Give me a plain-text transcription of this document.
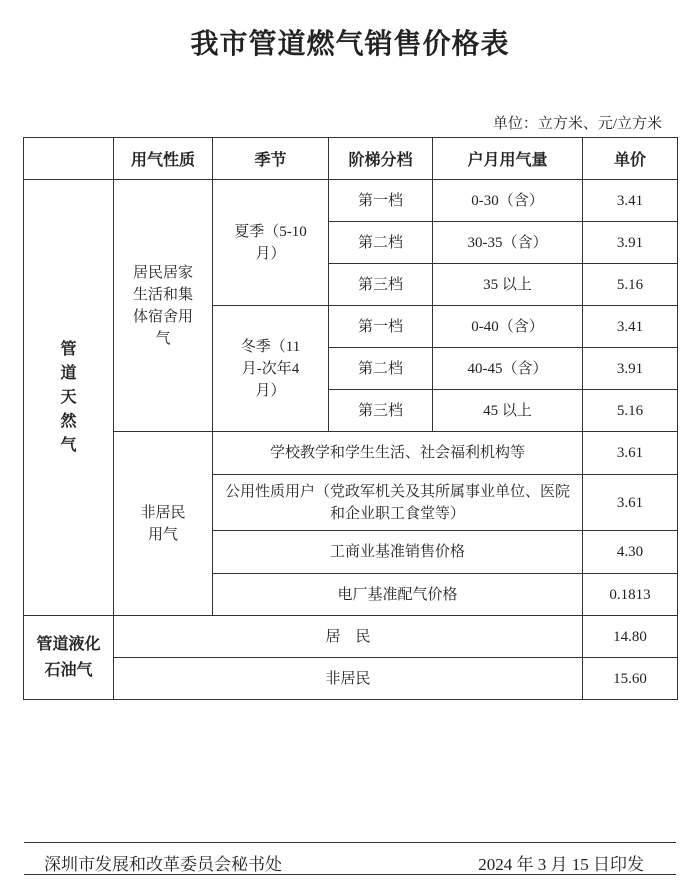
我市管道燃气销售价格表
单位：立方米、元/立方米
	用气性质	季节	阶梯分档	户月用气量	单价
管道天然气	居民居家生活和集体宿舍用气	夏季（5-10月）	第一档	0-30（含）	3.41
			第二档	30-35（含）	3.91
			第三档	35 以上	5.16
		冬季（11月-次年4月）	第一档	0-40（含）	3.41
			第二档	40-45（含）	3.91
			第三档	45 以上	5.16
	非居民用气	学校教学和学生生活、社会福利机构等			3.61
		公用性质用户（党政军机关及其所属事业单位、医院和企业职工食堂等）			3.61
		工商业基准销售价格			4.30
		电厂基准配气价格			0.1813
管道液化石油气	居　民				14.80
	非居民				15.60
深圳市发展和改革委员会秘书处	2024 年 3 月 15 日印发
